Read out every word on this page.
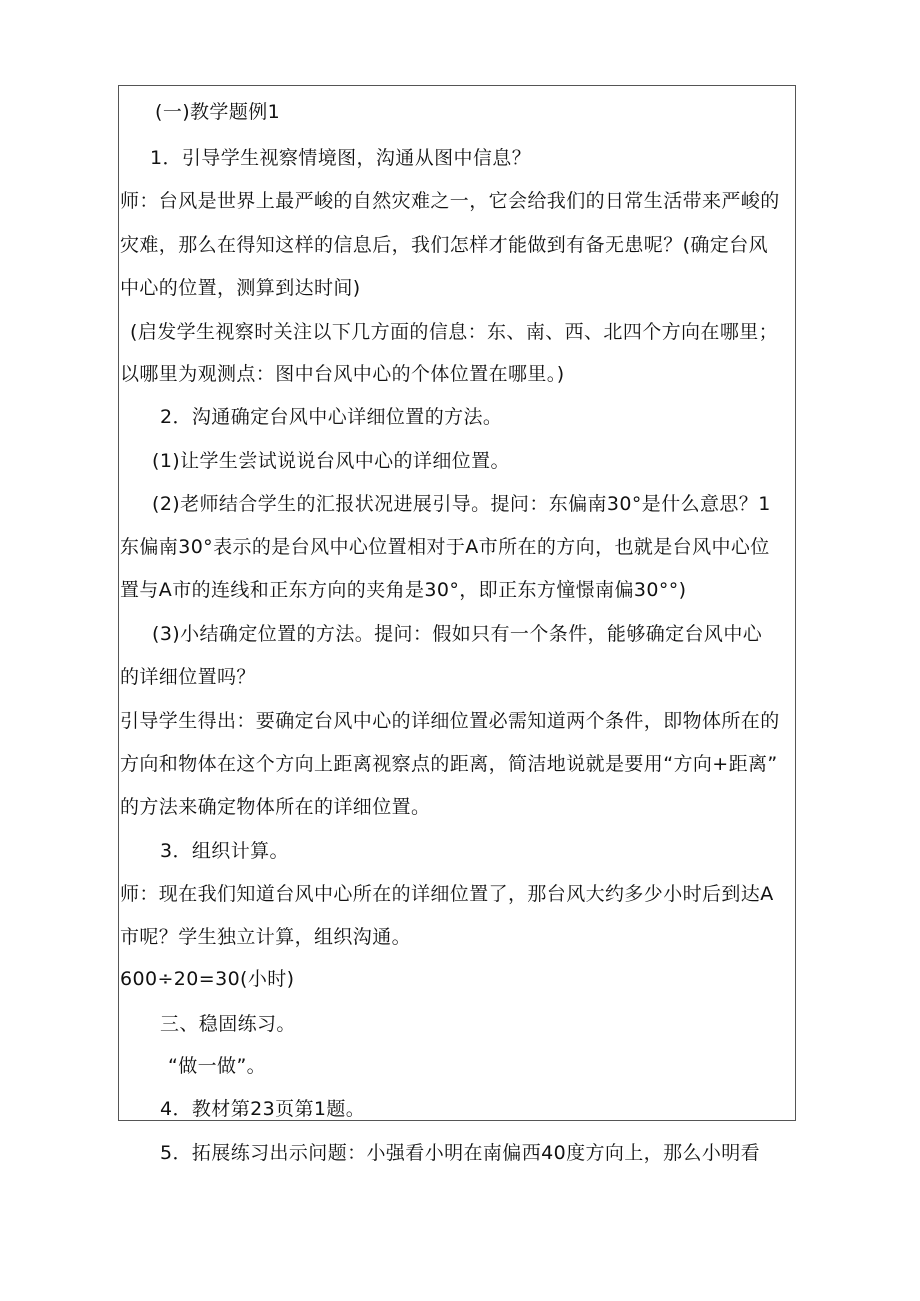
(一)教学题例1
1．引导学生视察情境图，沟通从图中信息？
师：台风是世界上最严峻的自然灾难之一，它会给我们的日常生活带来严峻的
灾难，那么在得知这样的信息后，我们怎样才能做到有备无患呢？(确定台风
中心的位置，测算到达时间)
(启发学生视察时关注以下几方面的信息：东、南、西、北四个方向在哪里；
以哪里为观测点：图中台风中心的个体位置在哪里。)
2．沟通确定台风中心详细位置的方法。
(1)让学生尝试说说台风中心的详细位置。
(2)老师结合学生的汇报状况进展引导。提问：东偏南30°是什么意思？1
东偏南30°表示的是台风中心位置相对于A市所在的方向，也就是台风中心位
置与A市的连线和正东方向的夹角是30°，即正东方憧憬南偏30°°)
(3)小结确定位置的方法。提问：假如只有一个条件，能够确定台风中心
的详细位置吗？
引导学生得出：要确定台风中心的详细位置必需知道两个条件，即物体所在的
方向和物体在这个方向上距离视察点的距离，简洁地说就是要用“方向+距离”
的方法来确定物体所在的详细位置。
3．组织计算。
师：现在我们知道台风中心所在的详细位置了，那台风大约多少小时后到达A
市呢？学生独立计算，组织沟通。
600÷20=30(小时)
三、稳固练习。
“做一做”。
4．教材第23页第1题。
5．拓展练习出示问题：小强看小明在南偏西40度方向上，那么小明看
